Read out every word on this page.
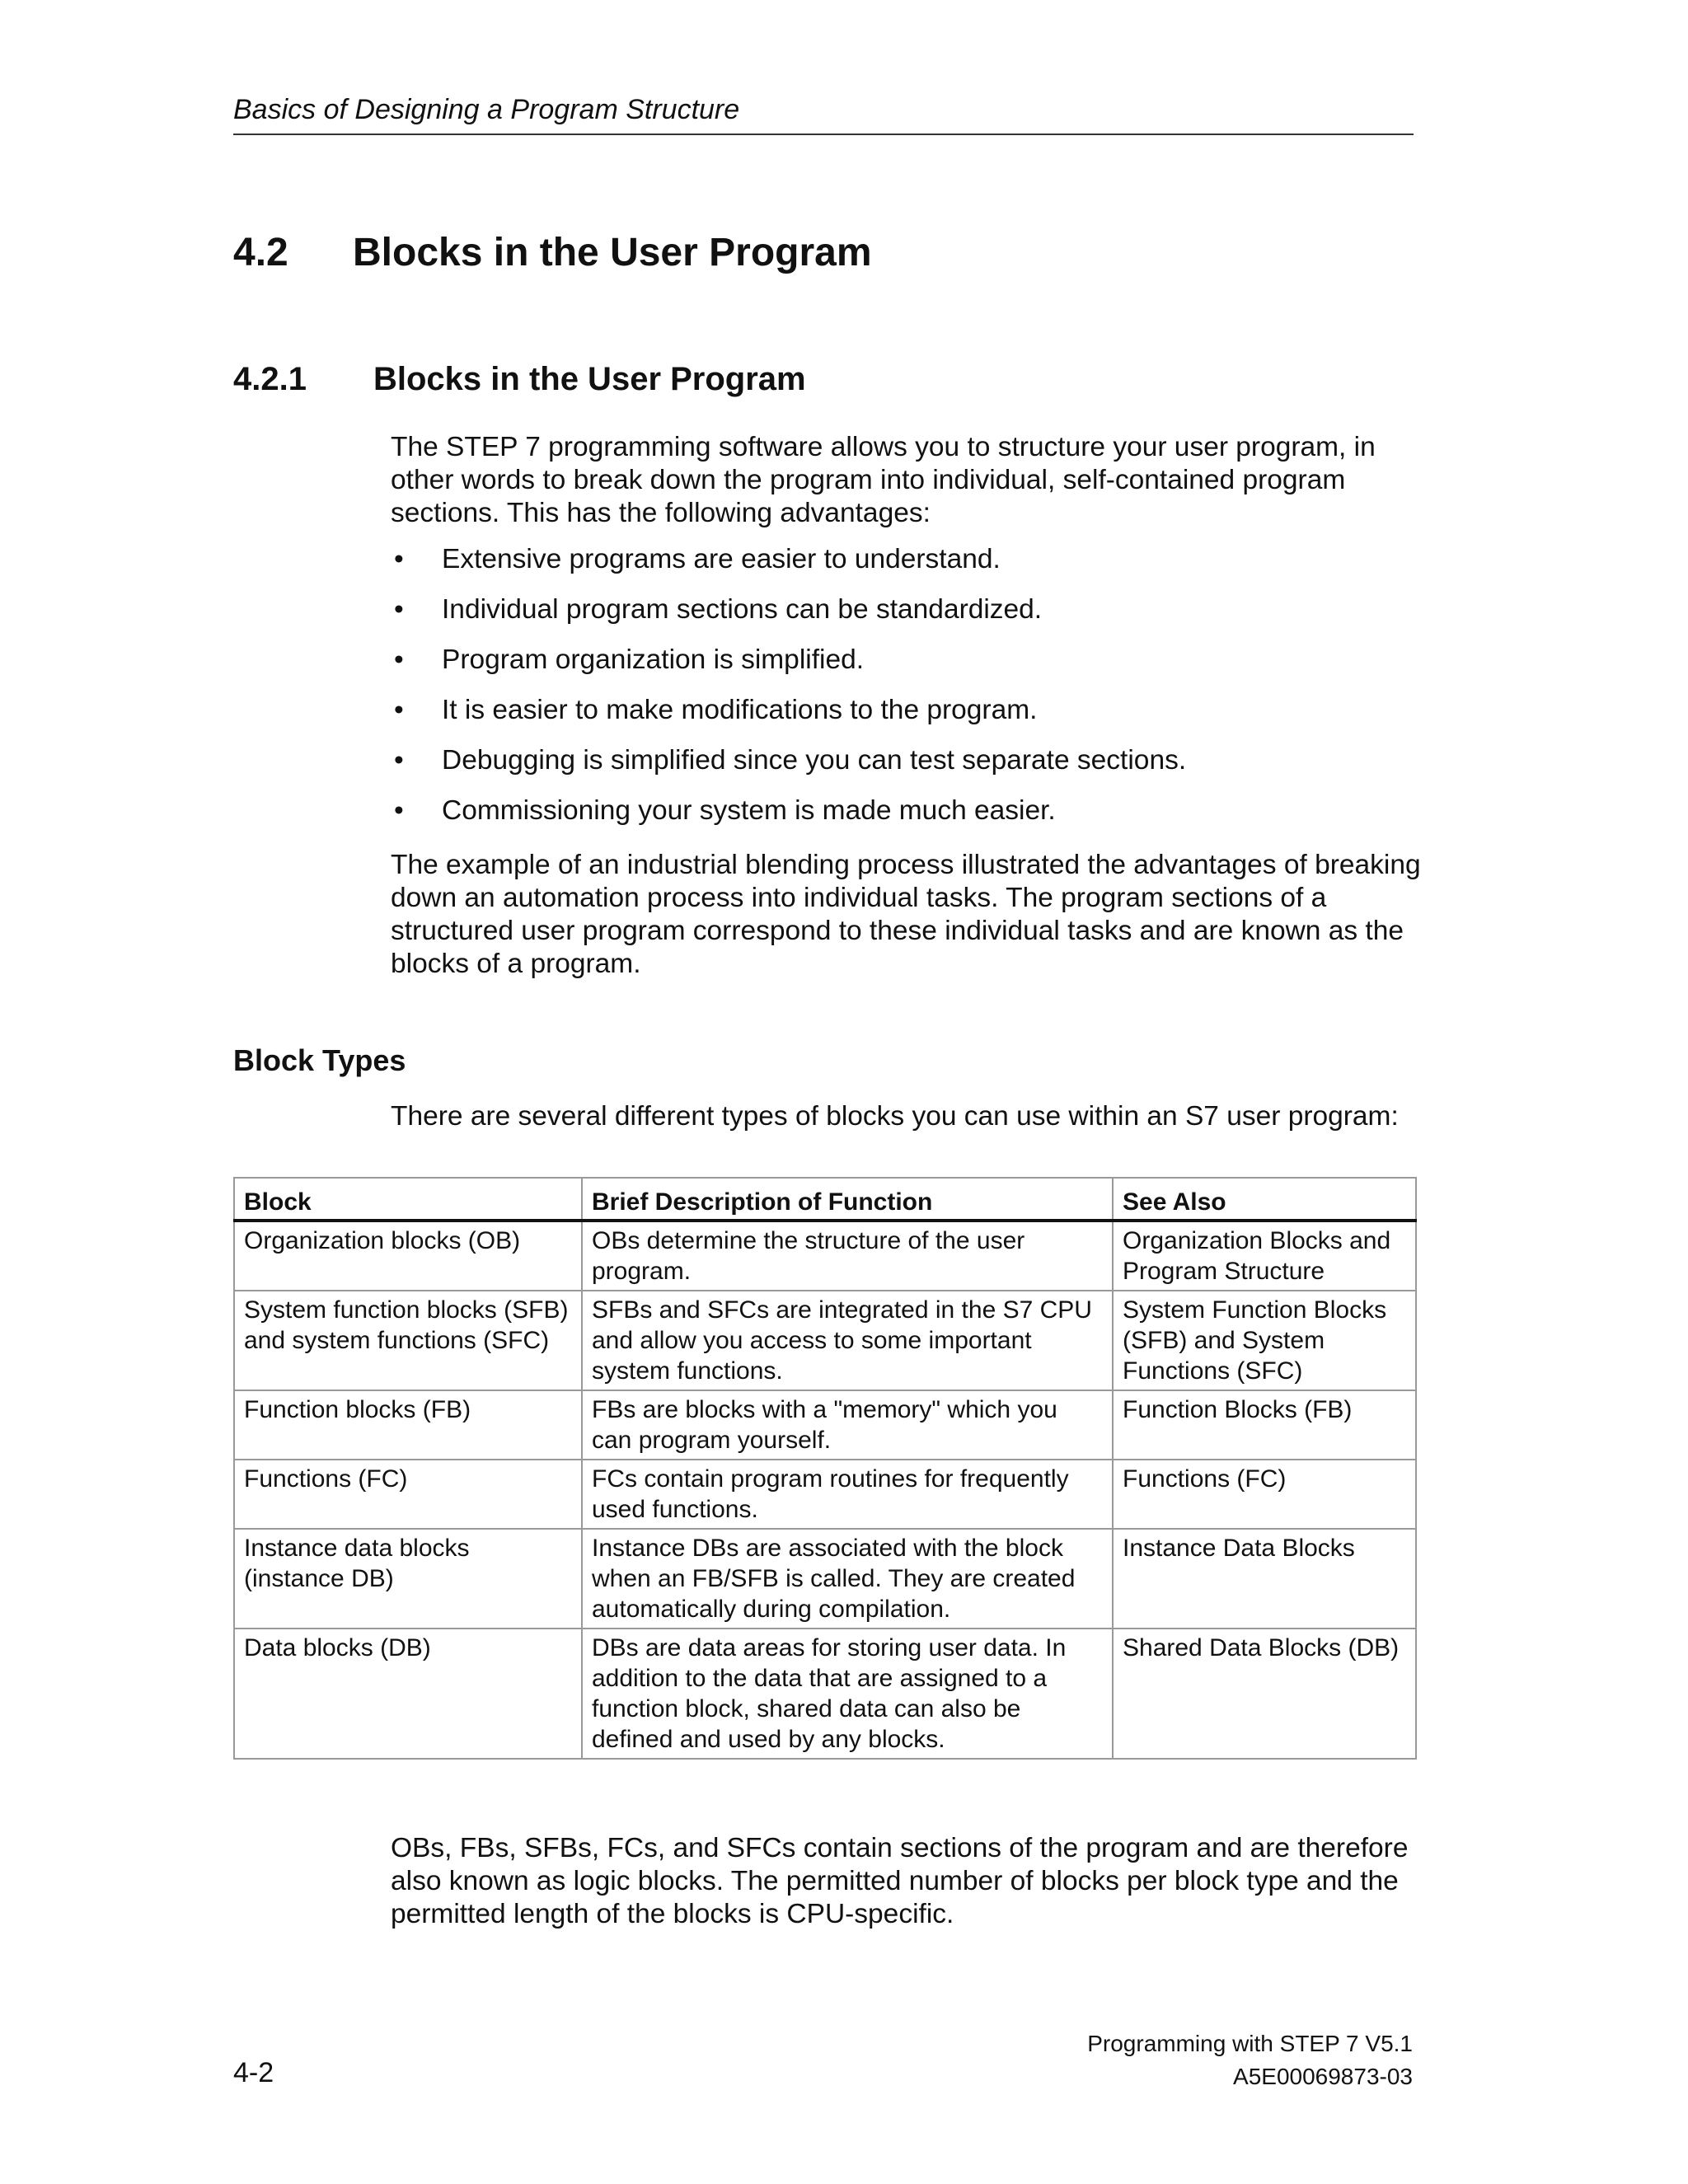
Basics of Designing a Program Structure
4.2 Blocks in the User Program
4.2.1 Blocks in the User Program

The STEP 7 programming software allows you to structure your user program, in other words to break down the program into individual, self-contained program sections. This has the following advantages:

• Extensive programs are easier to understand.
• Individual program sections can be standardized.
• Program organization is simplified.
• It is easier to make modifications to the program.
• Debugging is simplified since you can test separate sections.
• Commissioning your system is made much easier.

The example of an industrial blending process illustrated the advantages of breaking down an automation process into individual tasks. The program sections of a structured user program correspond to these individual tasks and are known as the blocks of a program.

Block Types

There are several different types of blocks you can use within an S7 user program:

Block	Brief Description of Function	See Also
Organization blocks (OB)	OBs determine the structure of the user program.	Organization Blocks and Program Structure
System function blocks (SFB) and system functions (SFC)	SFBs and SFCs are integrated in the S7 CPU and allow you access to some important system functions.	System Function Blocks (SFB) and System Functions (SFC)
Function blocks (FB)	FBs are blocks with a "memory" which you can program yourself.	Function Blocks (FB)
Functions (FC)	FCs contain program routines for frequently used functions.	Functions (FC)
Instance data blocks (instance DB)	Instance DBs are associated with the block when an FB/SFB is called. They are created automatically during compilation.	Instance Data Blocks
Data blocks (DB)	DBs are data areas for storing user data. In addition to the data that are assigned to a function block, shared data can also be defined and used by any blocks.	Shared Data Blocks (DB)

OBs, FBs, SFBs, FCs, and SFCs contain sections of the program and are therefore also known as logic blocks. The permitted number of blocks per block type and the permitted length of the blocks is CPU-specific.

Programming with STEP 7 V5.1
A5E00069873-03
4-2
